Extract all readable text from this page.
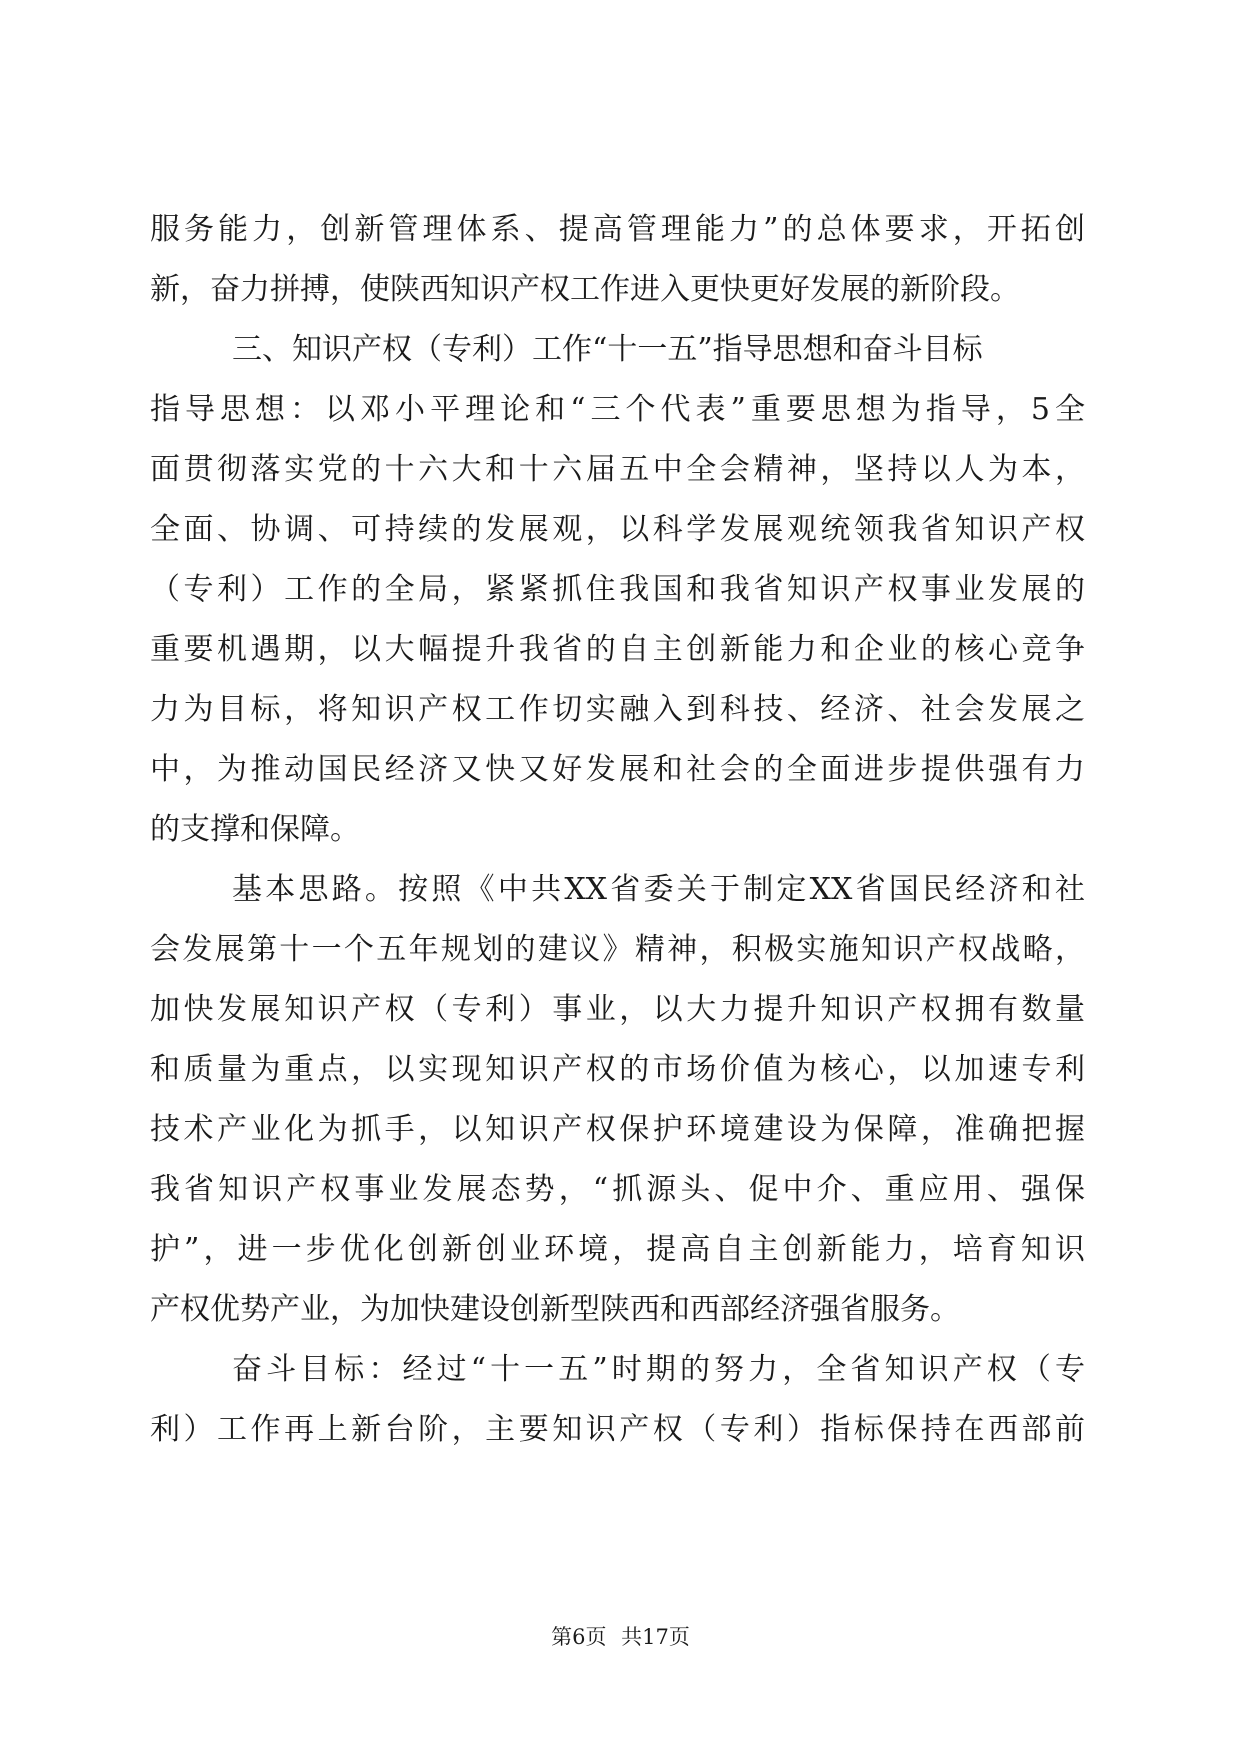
服务能力，创新管理体系、提高管理能力”的总体要求，开拓创
新，奋力拼搏，使陕西知识产权工作进入更快更好发展的新阶段。
三、知识产权（专利）工作“十一五”指导思想和奋斗目标
指导思想：以邓小平理论和“三个代表”重要思想为指导，5全
面贯彻落实党的十六大和十六届五中全会精神，坚持以人为本，
全面、协调、可持续的发展观，以科学发展观统领我省知识产权
（专利）工作的全局，紧紧抓住我国和我省知识产权事业发展的
重要机遇期，以大幅提升我省的自主创新能力和企业的核心竞争
力为目标，将知识产权工作切实融入到科技、经济、社会发展之
中，为推动国民经济又快又好发展和社会的全面进步提供强有力
的支撑和保障。
基本思路。按照《中共XX省委关于制定XX省国民经济和社
会发展第十一个五年规划的建议》精神，积极实施知识产权战略，
加快发展知识产权（专利）事业，以大力提升知识产权拥有数量
和质量为重点，以实现知识产权的市场价值为核心，以加速专利
技术产业化为抓手，以知识产权保护环境建设为保障，准确把握
我省知识产权事业发展态势，“抓源头、促中介、重应用、强保
护”，进一步优化创新创业环境，提高自主创新能力，培育知识
产权优势产业，为加快建设创新型陕西和西部经济强省服务。
奋斗目标：经过“十一五”时期的努力，全省知识产权（专
利）工作再上新台阶，主要知识产权（专利）指标保持在西部前
第6页 共17页
